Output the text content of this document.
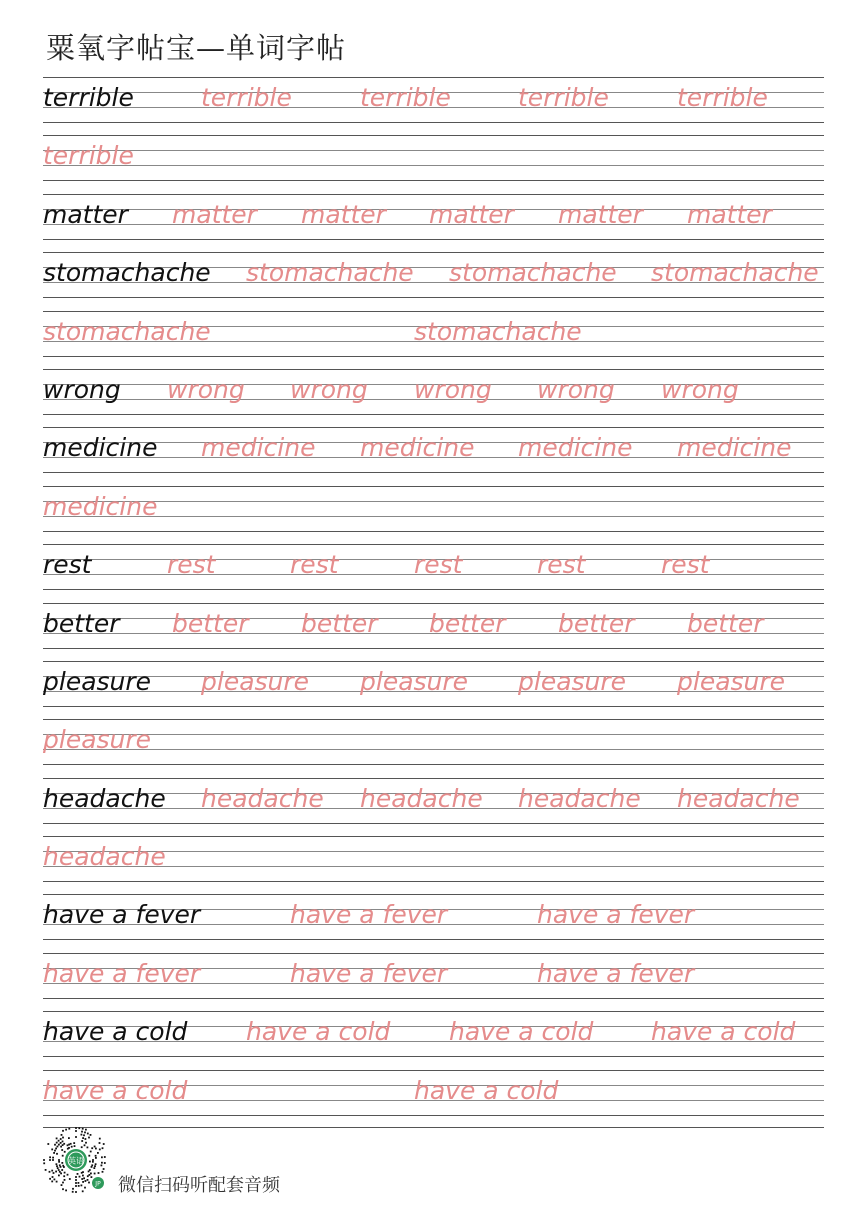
粟氧字帖宝—单词字帖
terrible	terrible	terrible	terrible	terrible
terrible
matter matter matter matter matter matter
stomachache stomachache stomachache stomachache
stomachache	stomachache
wrong wrong wrong wrong wrong wrong
medicine medicine medicine medicine medicine
medicine
rest	rest	rest	rest	rest	rest
better better better better better better
pleasure pleasure pleasure pleasure pleasure
pleasure
headache headache headache headache headache
headache
have a fever	have a fever	have a fever
have a fever	have a fever	have a fever
have a cold have a cold have a cold have a cold
have a cold	have a cold
英语
JP 微信扫码听配套音频
